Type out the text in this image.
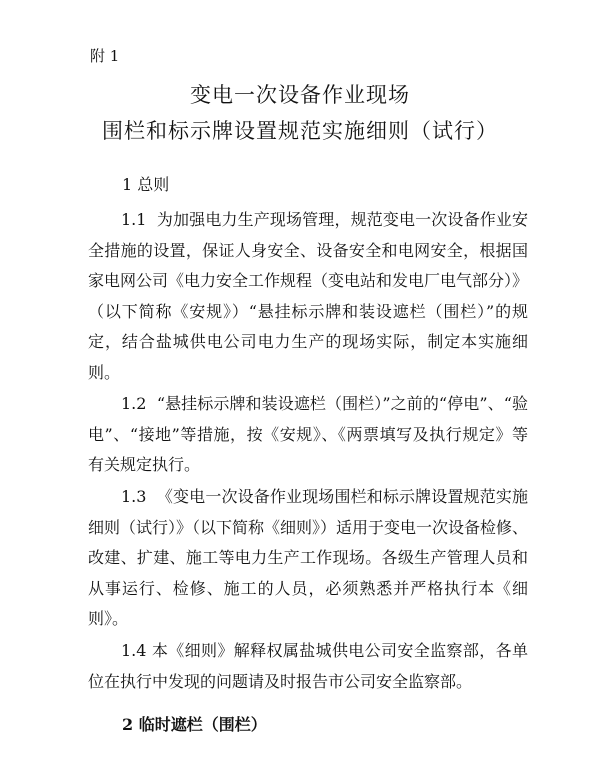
附 1
变电一次设备作业现场
围栏和标示牌设置规范实施细则（试行）
1 总则

1.1 为加强电力生产现场管理，规范变电一次设备作业安全措施的设置，保证人身安全、设备安全和电网安全，根据国家电网公司《电力安全工作规程（变电站和发电厂电气部分）》（以下简称《安规》）“悬挂标示牌和装设遮栏（围栏）”的规定，结合盐城供电公司电力生产的现场实际，制定本实施细则。

1.2 “悬挂标示牌和装设遮栏（围栏）”之前的“停电”、“验电”、“接地”等措施，按《安规》、《两票填写及执行规定》等有关规定执行。

1.3 《变电一次设备作业现场围栏和标示牌设置规范实施细则（试行）》（以下简称《细则》）适用于变电一次设备检修、改建、扩建、施工等电力生产工作现场。各级生产管理人员和从事运行、检修、施工的人员，必须熟悉并严格执行本《细则》。

1.4 本《细则》解释权属盐城供电公司安全监察部，各单位在执行中发现的问题请及时报告市公司安全监察部。

2 临时遮栏（围栏）
